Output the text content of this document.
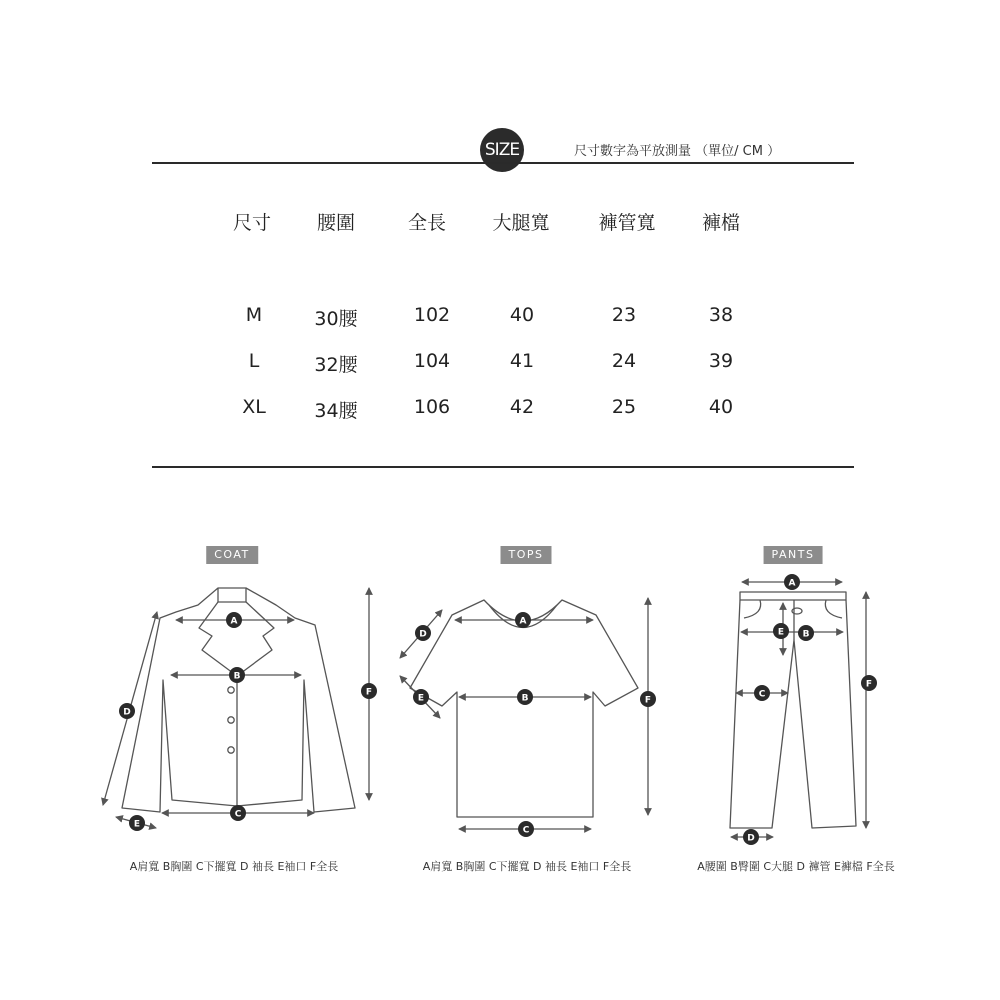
SIZE	尺寸數字為平放測量 （單位/ CM ）
尺寸	腰圍	全長	大腿寬	褲管寬	褲檔
M	30腰	102	40	23	38
L	32腰	104	41	24	39
XL	34腰	106	42	25	40
COAT	TOPS	PANTS
A
B
C
D
E
F
A
B
C
D
E	F
A
B
C
D
E
F
A肩寬 B胸圍 C下擺寬 D 袖長 E袖口 F全長	A肩寬 B胸圍 C下擺寬 D 袖長 E袖口 F全長	A腰圍 B臀圍 C大腿 D 褲管 E褲檔 F全長
